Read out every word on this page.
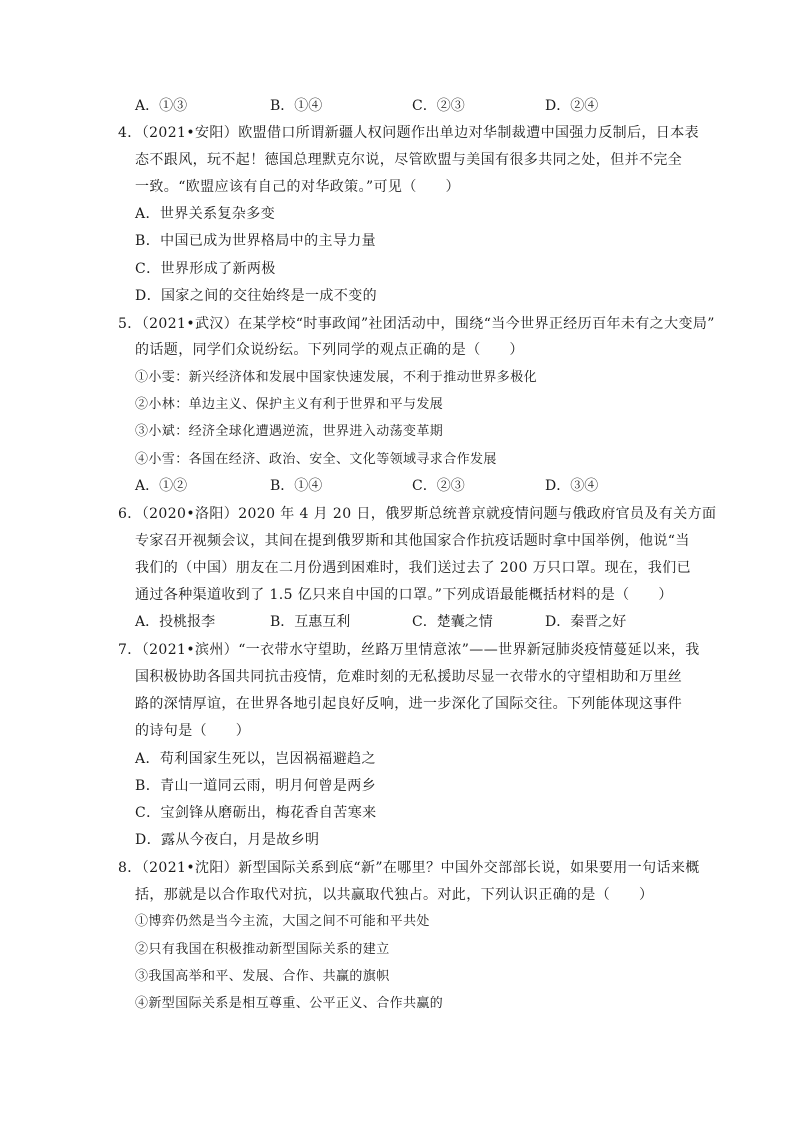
A．①③	B．①④	C．②③	D．②④
4．（2021•安阳）欧盟借口所谓新疆人权问题作出单边对华制裁遭中国强力反制后，日本表
态不跟风，玩不起！德国总理默克尔说，尽管欧盟与美国有很多共同之处，但并不完全
一致。“欧盟应该有自己的对华政策。”可见（　　）
A．世界关系复杂多变
B．中国已成为世界格局中的主导力量
C．世界形成了新两极
D．国家之间的交往始终是一成不变的
5．（2021•武汉）在某学校“时事政闻”社团活动中，围绕“当今世界正经历百年未有之大变局”
的话题，同学们众说纷纭。下列同学的观点正确的是（　　）
①小雯：新兴经济体和发展中国家快速发展，不利于推动世界多极化
②小林：单边主义、保护主义有利于世界和平与发展
③小斌：经济全球化遭遇逆流，世界进入动荡变革期
④小雪：各国在经济、政治、安全、文化等领域寻求合作发展
A．①②	B．①④	C．②③	D．③④
6．（2020•洛阳）2020 年 4 月 20 日，俄罗斯总统普京就疫情问题与俄政府官员及有关方面
专家召开视频会议，其间在提到俄罗斯和其他国家合作抗疫话题时拿中国举例，他说“当
我们的（中国）朋友在二月份遇到困难时，我们送过去了 200 万只口罩。现在，我们已
通过各种渠道收到了 1.5 亿只来自中国的口罩。”下列成语最能概括材料的是（　　）
A．投桃报李	B．互惠互利	C．楚囊之情	D．秦晋之好
7．（2021•滨州）“一衣带水守望助，丝路万里情意浓”——世界新冠肺炎疫情蔓延以来，我
国积极协助各国共同抗击疫情，危难时刻的无私援助尽显一衣带水的守望相助和万里丝
路的深情厚谊，在世界各地引起良好反响，进一步深化了国际交往。下列能体现这事件
的诗句是（　　）
A．苟利国家生死以，岂因祸福避趋之
B．青山一道同云雨，明月何曾是两乡
C．宝剑锋从磨砺出，梅花香自苦寒来
D．露从今夜白，月是故乡明
8．（2021•沈阳）新型国际关系到底“新”在哪里？中国外交部部长说，如果要用一句话来概
括，那就是以合作取代对抗，以共赢取代独占。对此，下列认识正确的是（　　）
①博弈仍然是当今主流，大国之间不可能和平共处
②只有我国在积极推动新型国际关系的建立
③我国高举和平、发展、合作、共赢的旗帜
④新型国际关系是相互尊重、公平正义、合作共赢的
